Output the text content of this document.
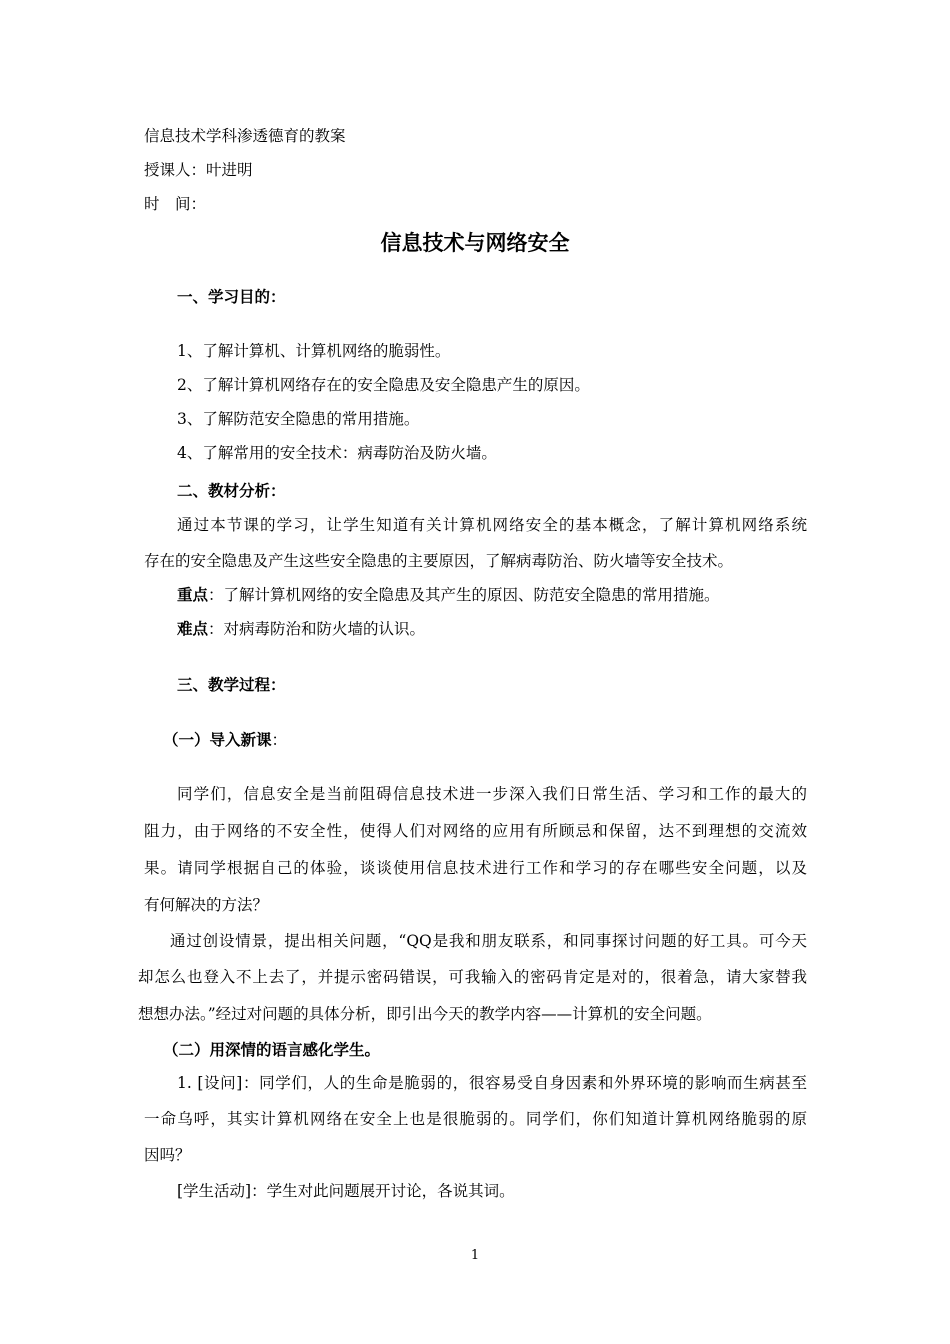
信息技术学科渗透德育的教案
授课人：叶进明
时　间：
信息技术与网络安全
一、学习目的：
1、了解计算机、计算机网络的脆弱性。
2、了解计算机网络存在的安全隐患及安全隐患产生的原因。
3、了解防范安全隐患的常用措施。
4、了解常用的安全技术：病毒防治及防火墙。
二、教材分析：
通过本节课的学习，让学生知道有关计算机网络安全的基本概念，了解计算机网络系统
存在的安全隐患及产生这些安全隐患的主要原因，了解病毒防治、防火墙等安全技术。
重点：了解计算机网络的安全隐患及其产生的原因、防范安全隐患的常用措施。
难点：对病毒防治和防火墙的认识。
三、教学过程：
（一）导入新课：
同学们，信息安全是当前阻碍信息技术进一步深入我们日常生活、学习和工作的最大的
阻力，由于网络的不安全性，使得人们对网络的应用有所顾忌和保留，达不到理想的交流效
果。请同学根据自己的体验，谈谈使用信息技术进行工作和学习的存在哪些安全问题，以及
有何解决的方法？
通过创设情景，提出相关问题，“QQ是我和朋友联系，和同事探讨问题的好工具。可今天
却怎么也登入不上去了，并提示密码错误，可我输入的密码肯定是对的，很着急，请大家替我
想想办法。”经过对问题的具体分析，即引出今天的教学内容——计算机的安全问题。
（二）用深情的语言感化学生。
1. [设问]：同学们，人的生命是脆弱的，很容易受自身因素和外界环境的影响而生病甚至
一命乌呼，其实计算机网络在安全上也是很脆弱的。同学们，你们知道计算机网络脆弱的原
因吗？
[学生活动]：学生对此问题展开讨论，各说其词。
1
